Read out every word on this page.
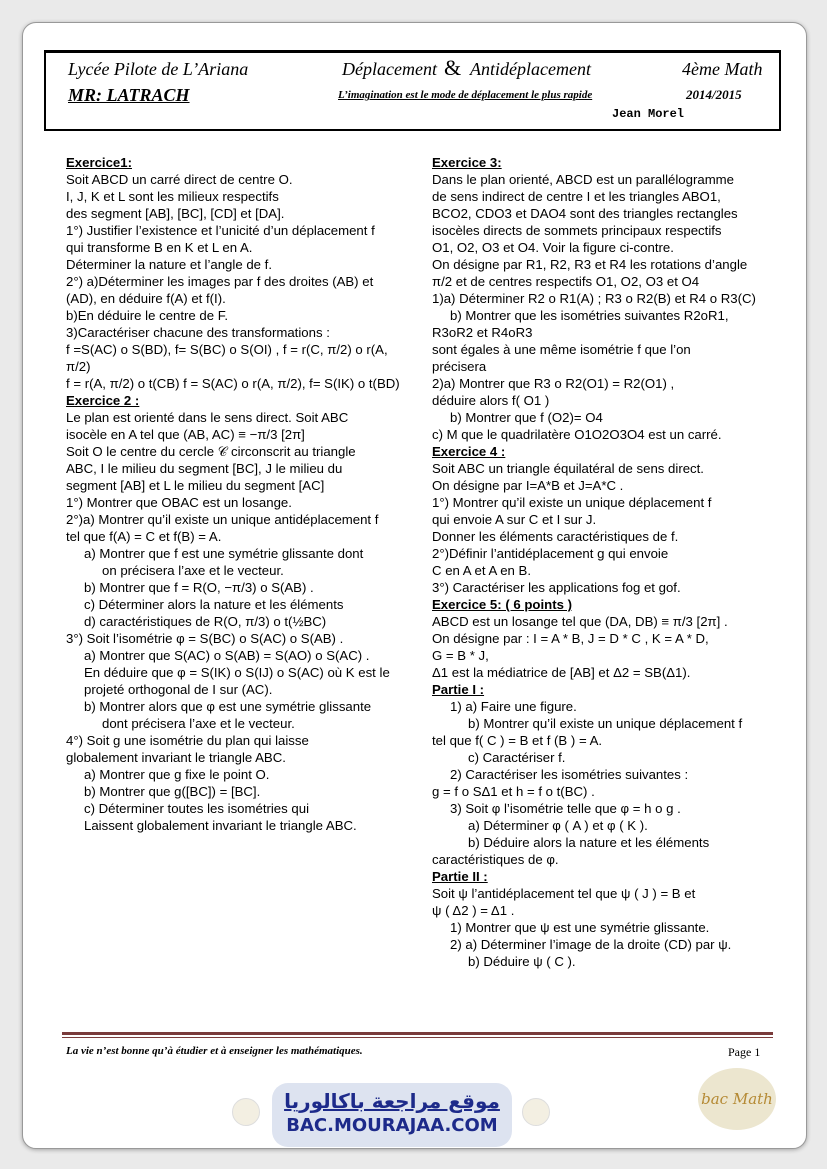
Lycée Pilote de L’Ariana	Déplacement & Antidéplacement	4ème Math
MR: LATRACH	L’imagination est le mode de déplacement le plus rapide	2014/2015
Jean Morel

Exercice1:

Soit ABCD un carré direct de centre O.

I, J, K et L sont les milieux respectifs

des segment [AB], [BC], [CD] et [DA].

1°) Justifier l’existence et l’unicité d’un déplacement f

qui transforme B en K et L en A.

Déterminer la nature et l’angle de f.

2°) a)Déterminer les images par f des droites (AB) et

(AD), en déduire f(A) et f(I).

b)En déduire le centre de F.

3)Caractériser chacune des transformations :

f =S(AC) o S(BD), f= S(BC) o S(OI) , f = r(C, π/2) o r(A, π/2)

f = r(A, π/2) o t(CB) f = S(AC) o r(A, π/2), f= S(IK) o t(BD)

Exercice 2 :

Le plan est orienté dans le sens direct. Soit ABC

isocèle en A tel que (AB, AC) ≡ −π/3 [2π]

Soit O le centre du cercle 𝒞 circonscrit au triangle

ABC, I le milieu du segment [BC], J le milieu du

segment [AB] et L le milieu du segment [AC]

1°) Montrer que OBAC est un losange.

2°)a) Montrer qu’il existe un unique antidéplacement f

tel que f(A) = C et f(B) = A.

a) Montrer que f est une symétrie glissante dont

on précisera l’axe et le vecteur.

b) Montrer que f = R(O, −π/3) o S(AB) .

c) Déterminer alors la nature et les éléments

d) caractéristiques de R(O, π/3) o t(½BC)

3°) Soit l’isométrie φ = S(BC) o S(AC) o S(AB) .

a) Montrer que S(AC) o S(AB) = S(AO) o S(AC) .

En déduire que φ = S(IK) o S(IJ) o S(AC) où K est le

projeté orthogonal de I sur (AC).

b) Montrer alors que φ est une symétrie glissante

dont précisera l’axe et le vecteur.

4°) Soit g une isométrie du plan qui laisse

globalement invariant le triangle ABC.

a) Montrer que g fixe le point O.

b) Montrer que g([BC]) = [BC].

c) Déterminer toutes les isométries qui

Laissent globalement invariant le triangle ABC.

Exercice 3:

Dans le plan orienté, ABCD est un parallélogramme

de sens indirect de centre I et les triangles ABO1,

BCO2, CDO3 et DAO4 sont des triangles rectangles

isocèles directs de sommets principaux respectifs

O1, O2, O3 et O4. Voir la figure ci-contre.

On désigne par R1, R2, R3 et R4 les rotations d’angle

π/2 et de centres respectifs O1, O2, O3 et O4

1)a) Déterminer R2 o R1(A) ; R3 o R2(B) et R4 o R3(C)

b) Montrer que les isométries suivantes R2oR1,

R3oR2 et R4oR3

sont égales à une même isométrie f que l’on

précisera

2)a) Montrer que R3 o R2(O1) = R2(O1) ,

déduire alors f( O1 )

b) Montrer que f (O2)= O4

c) M que le quadrilatère O1O2O3O4 est un carré.

Exercice 4 :

Soit ABC un triangle équilatéral de sens direct.

On désigne par I=A*B et J=A*C .

1°) Montrer qu’il existe un unique déplacement f

qui envoie A sur C et I sur J.

Donner les éléments caractéristiques de f.

2°)Définir l’antidéplacement g qui envoie

C en A et A en B.

3°) Caractériser les applications fog et gof.

Exercice 5: ( 6 points )

ABCD est un losange tel que (DA, DB) ≡ π/3 [2π] .

On désigne par : I = A * B, J = D * C , K = A * D,

G = B * J,

Δ1 est la médiatrice de [AB] et Δ2 = SB(Δ1).

Partie I :

1) a) Faire une figure.

b) Montrer qu’il existe un unique déplacement f

tel que f( C ) = B et f (B ) = A.

c) Caractériser f.

2) Caractériser les isométries suivantes :

g = f o SΔ1 et h = f o t(BC) .

3) Soit φ l’isométrie telle que φ = h o g .

a) Déterminer φ ( A ) et φ ( K ).

b) Déduire alors la nature et les éléments

caractéristiques de φ.

Partie II :

Soit ψ l’antidéplacement tel que ψ ( J ) = B et

ψ ( Δ2 ) = Δ1 .

1) Montrer que ψ est une symétrie glissante.

2) a) Déterminer l’image de la droite (CD) par ψ.

b) Déduire ψ ( C ).

La vie n’est bonne qu’à étudier et à enseigner les mathématiques.	Page 1
موقع مراجعة باكالوريا
BAC.MOURAJAA.COM
bac Math
